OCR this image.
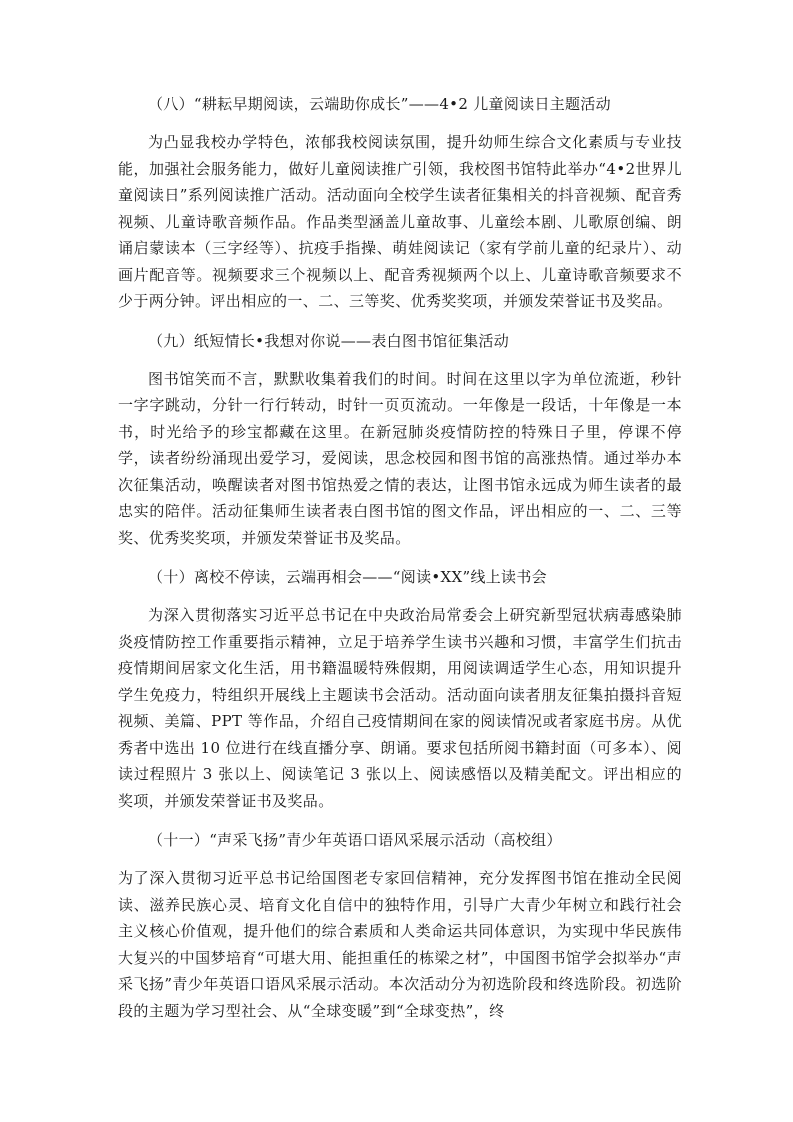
（八）“耕耘早期阅读，云端助你成长”——4•2 儿童阅读日主题活动
为凸显我校办学特色，浓郁我校阅读氛围，提升幼师生综合文化素质与专业技能，加强社会服务能力，做好儿童阅读推广引领，我校图书馆特此举办“4•2世界儿童阅读日”系列阅读推广活动。活动面向全校学生读者征集相关的抖音视频、配音秀视频、儿童诗歌音频作品。作品类型涵盖儿童故事、儿童绘本剧、儿歌原创编、朗诵启蒙读本（三字经等）、抗疫手指操、萌娃阅读记（家有学前儿童的纪录片）、动画片配音等。视频要求三个视频以上、配音秀视频两个以上、儿童诗歌音频要求不少于两分钟。评出相应的一、二、三等奖、优秀奖奖项，并颁发荣誉证书及奖品。
（九）纸短情长•我想对你说——表白图书馆征集活动
图书馆笑而不言，默默收集着我们的时间。时间在这里以字为单位流逝，秒针一字字跳动，分针一行行转动，时针一页页流动。一年像是一段话，十年像是一本书，时光给予的珍宝都藏在这里。在新冠肺炎疫情防控的特殊日子里，停课不停学，读者纷纷涌现出爱学习，爱阅读，思念校园和图书馆的高涨热情。通过举办本次征集活动，唤醒读者对图书馆热爱之情的表达，让图书馆永远成为师生读者的最忠实的陪伴。活动征集师生读者表白图书馆的图文作品，评出相应的一、二、三等奖、优秀奖奖项，并颁发荣誉证书及奖品。
（十）离校不停读，云端再相会——“阅读•XX”线上读书会
为深入贯彻落实习近平总书记在中央政治局常委会上研究新型冠状病毒感染肺炎疫情防控工作重要指示精神，立足于培养学生读书兴趣和习惯，丰富学生们抗击疫情期间居家文化生活，用书籍温暖特殊假期，用阅读调适学生心态，用知识提升学生免疫力，特组织开展线上主题读书会活动。活动面向读者朋友征集拍摄抖音短视频、美篇、PPT 等作品，介绍自己疫情期间在家的阅读情况或者家庭书房。从优秀者中选出 10 位进行在线直播分享、朗诵。要求包括所阅书籍封面（可多本）、阅读过程照片 3 张以上、阅读笔记 3 张以上、阅读感悟以及精美配文。评出相应的奖项，并颁发荣誉证书及奖品。
（十一）“声采飞扬”青少年英语口语风采展示活动（高校组）
为了深入贯彻习近平总书记给国图老专家回信精神，充分发挥图书馆在推动全民阅读、滋养民族心灵、培育文化自信中的独特作用，引导广大青少年树立和践行社会主义核心价值观，提升他们的综合素质和人类命运共同体意识，为实现中华民族伟大复兴的中国梦培育“可堪大用、能担重任的栋梁之材”，中国图书馆学会拟举办“声采飞扬”青少年英语口语风采展示活动。本次活动分为初选阶段和终选阶段。初选阶段的主题为学习型社会、从“全球变暖”到“全球变热”，终
